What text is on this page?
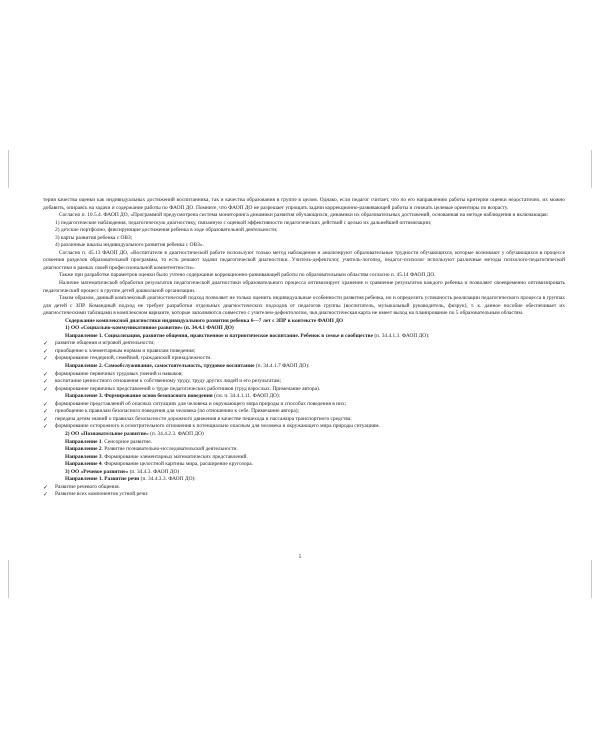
терия качества оценки как индивидуальных достижений воспитанника, так и качества образования в группе в целом. Однако, если педагог считает, что по его направлению работы критерии оценки недостаточно, их можно добавить, опираясь на задачи и содержание работы по ФАОП ДО. Помните, что ФАОП ДО не разрешает упрощать задачи коррекционно-развивающей работы и снижать целевые ориентиры по возрасту.

Согласно п. 10.5.4. ФАОП ДО, «Программой предусмотрена система мониторинга динамики развития обучающихся, динамики их образовательных достижений, основанная на методе наблюдения и включающая:

1) педагогические наблюдения, педагогическую диагностику, связанную с оценкой эффективности педагогических действий с целью их дальнейшей оптимизации;

2) детские портфолио, фиксирующие достижения ребенка в ходе образовательной деятельности;

3) карты развития ребенка с ОВЗ;

4) различные шкалы индивидуального развития ребенка с ОВЗ».

Согласно п. 45.13 ФАОП ДО, «Воспитатели в диагностической работе используют только метод наблюдения и анализируют образовательные трудности обучающихся, которые возникают у обучающихся в процессе освоения разделов образовательной программы, то есть решают задачи педагогической диагностики. Учитель-дефектолог, учитель-логопед, педагог-психолог используют различные методы психолого-педагогической диагностики в рамках своей профессиональной компетентности».

Также при разработке параметров оценки было учтено содержание коррекционно-развивающей работы по образовательным областям согласно п. 45.14 ФАОП ДО.

Наличие математической обработки результатов педагогической диагностики образовательного процесса оптимизирует хранение и сравнение результатов каждого ребенка и позволяет своевременно оптимизировать педагогический процесс в группе детей дошкольной организации.

Таким образом, данный комплексный диагностический подход позволяет не только оценить индивидуальные особенности развития ребенка, но и определить успешность реализации педагогического процесса в группах для детей с ЗПР. Командный подход не требует разработки отдельных диагностических подходов от педагогов группы (воспитатель, музыкальный руководитель, физрук), т. к. данное пособие обеспечивает их диагностическими таблицами в комплексном варианте, которые заполняются совместно с учителем-дефектологом, чья диагностическая карта не имеет выход на планирование по 5 образовательным областям.

Содержание комплексной диагностики индивидуального развития ребенка 6—7 лет с ЗПР в контексте ФАОП ДО

1) ОО «Социально-коммуникативное развитие» (п. 34.4.1 ФАОП ДО)

Направление 1. Социализация, развитие общения, нравственное и патриотическое воспитание. Ребенок в семье и сообществе (п. 34.4.1.3. ФАОП ДО):

✓ развитие общения и игровой деятельности;
✓ приобщение к элементарным нормам и правилам поведения;
✓ формирование гендерной, семейной, гражданской принадлежности.

Направление 2. Самообслуживание, самостоятельность, трудовое воспитание (п. 34.4.1.7 ФАОП ДО):

✓ формирование первичных трудовых умений и навыков;
✓ воспитание ценностного отношения к собственному труду, труду других людей и его результатам;
✓ формирование первичных представлений о труде педагогических работников (труд взрослых. Примечание автора).

Направление 3. Формирование основ безопасного поведения (см. п. 34.4.1.11. ФАОП ДО):

✓ формирование представлений об опасных ситуациях для человека и окружающего мира природы и способах поведения в них;
✓ приобщение к правилам безопасного поведения для человека (по отношению к себе. Примечание автора);
✓ передача детям знаний о правилах безопасности дорожного движения в качестве пешехода и пассажира транспортного средства;
✓ формирование осторожного и осмотрительного отношения к потенциально опасным для человека и окружающего мира природы ситуациям.

2) ОО «Познавательное развитие» (п. 34.4.2.3. ФАОП ДО)

Направление 1. Сенсорное развитие.

Направление 2. Развитие познавательно-исследовательской деятельности.

Направление 3. Формирование элементарных математических представлений.

Направление 4. Формирование целостной картины мира, расширение кругозора.

3) ОО «Речевое развитие» (п. 34.4.3. ФАОП ДО)

Направление 1. Развитие речи (п. 34.4.3.3. ФАОП ДО):

✓ Развитие речевого общения.
✓ Развитие всех компонентов устной речи:
5
